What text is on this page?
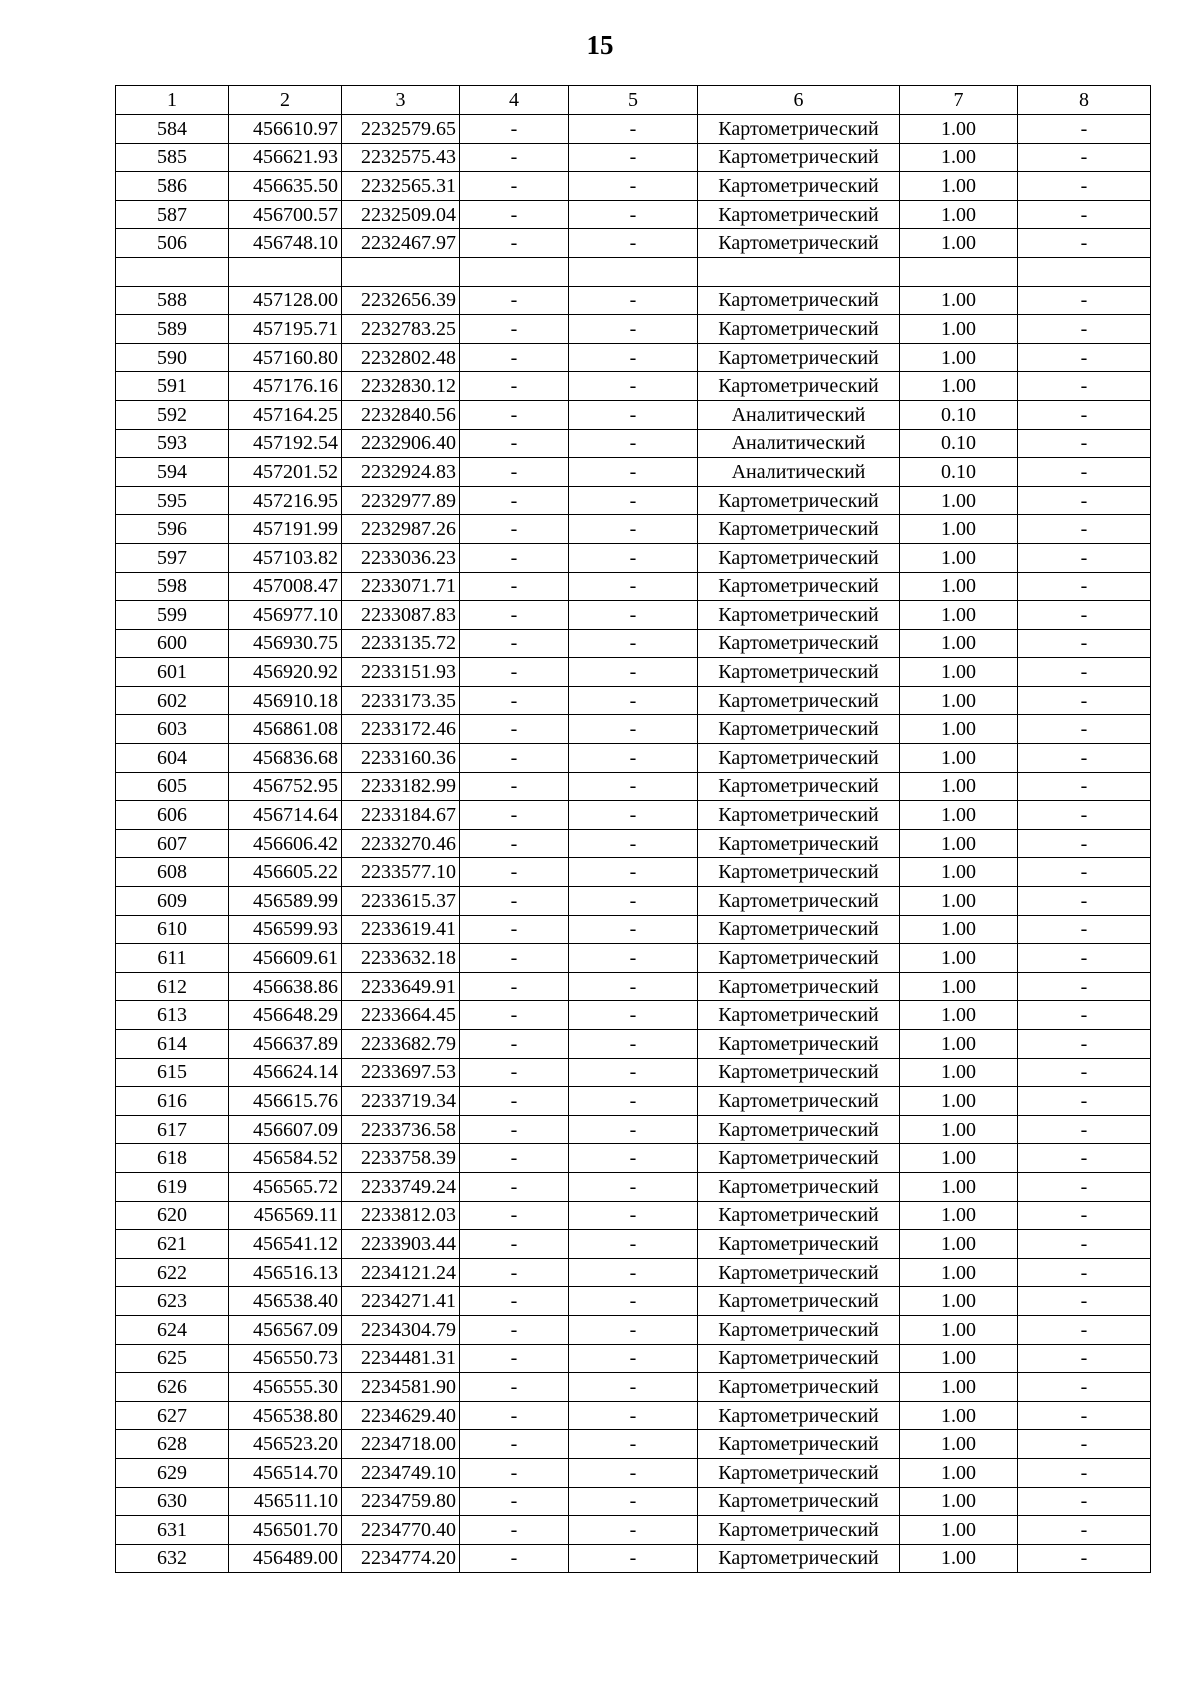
15
1	2	3	4	5	6	7	8
584	456610.97	2232579.65	-	-	Картометрический	1.00	-
585	456621.93	2232575.43	-	-	Картометрический	1.00	-
586	456635.50	2232565.31	-	-	Картометрический	1.00	-
587	456700.57	2232509.04	-	-	Картометрический	1.00	-
506	456748.10	2232467.97	-	-	Картометрический	1.00	-

588	457128.00	2232656.39	-	-	Картометрический	1.00	-
589	457195.71	2232783.25	-	-	Картометрический	1.00	-
590	457160.80	2232802.48	-	-	Картометрический	1.00	-
591	457176.16	2232830.12	-	-	Картометрический	1.00	-
592	457164.25	2232840.56	-	-	Аналитический	0.10	-
593	457192.54	2232906.40	-	-	Аналитический	0.10	-
594	457201.52	2232924.83	-	-	Аналитический	0.10	-
595	457216.95	2232977.89	-	-	Картометрический	1.00	-
596	457191.99	2232987.26	-	-	Картометрический	1.00	-
597	457103.82	2233036.23	-	-	Картометрический	1.00	-
598	457008.47	2233071.71	-	-	Картометрический	1.00	-
599	456977.10	2233087.83	-	-	Картометрический	1.00	-
600	456930.75	2233135.72	-	-	Картометрический	1.00	-
601	456920.92	2233151.93	-	-	Картометрический	1.00	-
602	456910.18	2233173.35	-	-	Картометрический	1.00	-
603	456861.08	2233172.46	-	-	Картометрический	1.00	-
604	456836.68	2233160.36	-	-	Картометрический	1.00	-
605	456752.95	2233182.99	-	-	Картометрический	1.00	-
606	456714.64	2233184.67	-	-	Картометрический	1.00	-
607	456606.42	2233270.46	-	-	Картометрический	1.00	-
608	456605.22	2233577.10	-	-	Картометрический	1.00	-
609	456589.99	2233615.37	-	-	Картометрический	1.00	-
610	456599.93	2233619.41	-	-	Картометрический	1.00	-
611	456609.61	2233632.18	-	-	Картометрический	1.00	-
612	456638.86	2233649.91	-	-	Картометрический	1.00	-
613	456648.29	2233664.45	-	-	Картометрический	1.00	-
614	456637.89	2233682.79	-	-	Картометрический	1.00	-
615	456624.14	2233697.53	-	-	Картометрический	1.00	-
616	456615.76	2233719.34	-	-	Картометрический	1.00	-
617	456607.09	2233736.58	-	-	Картометрический	1.00	-
618	456584.52	2233758.39	-	-	Картометрический	1.00	-
619	456565.72	2233749.24	-	-	Картометрический	1.00	-
620	456569.11	2233812.03	-	-	Картометрический	1.00	-
621	456541.12	2233903.44	-	-	Картометрический	1.00	-
622	456516.13	2234121.24	-	-	Картометрический	1.00	-
623	456538.40	2234271.41	-	-	Картометрический	1.00	-
624	456567.09	2234304.79	-	-	Картометрический	1.00	-
625	456550.73	2234481.31	-	-	Картометрический	1.00	-
626	456555.30	2234581.90	-	-	Картометрический	1.00	-
627	456538.80	2234629.40	-	-	Картометрический	1.00	-
628	456523.20	2234718.00	-	-	Картометрический	1.00	-
629	456514.70	2234749.10	-	-	Картометрический	1.00	-
630	456511.10	2234759.80	-	-	Картометрический	1.00	-
631	456501.70	2234770.40	-	-	Картометрический	1.00	-
632	456489.00	2234774.20	-	-	Картометрический	1.00	-
